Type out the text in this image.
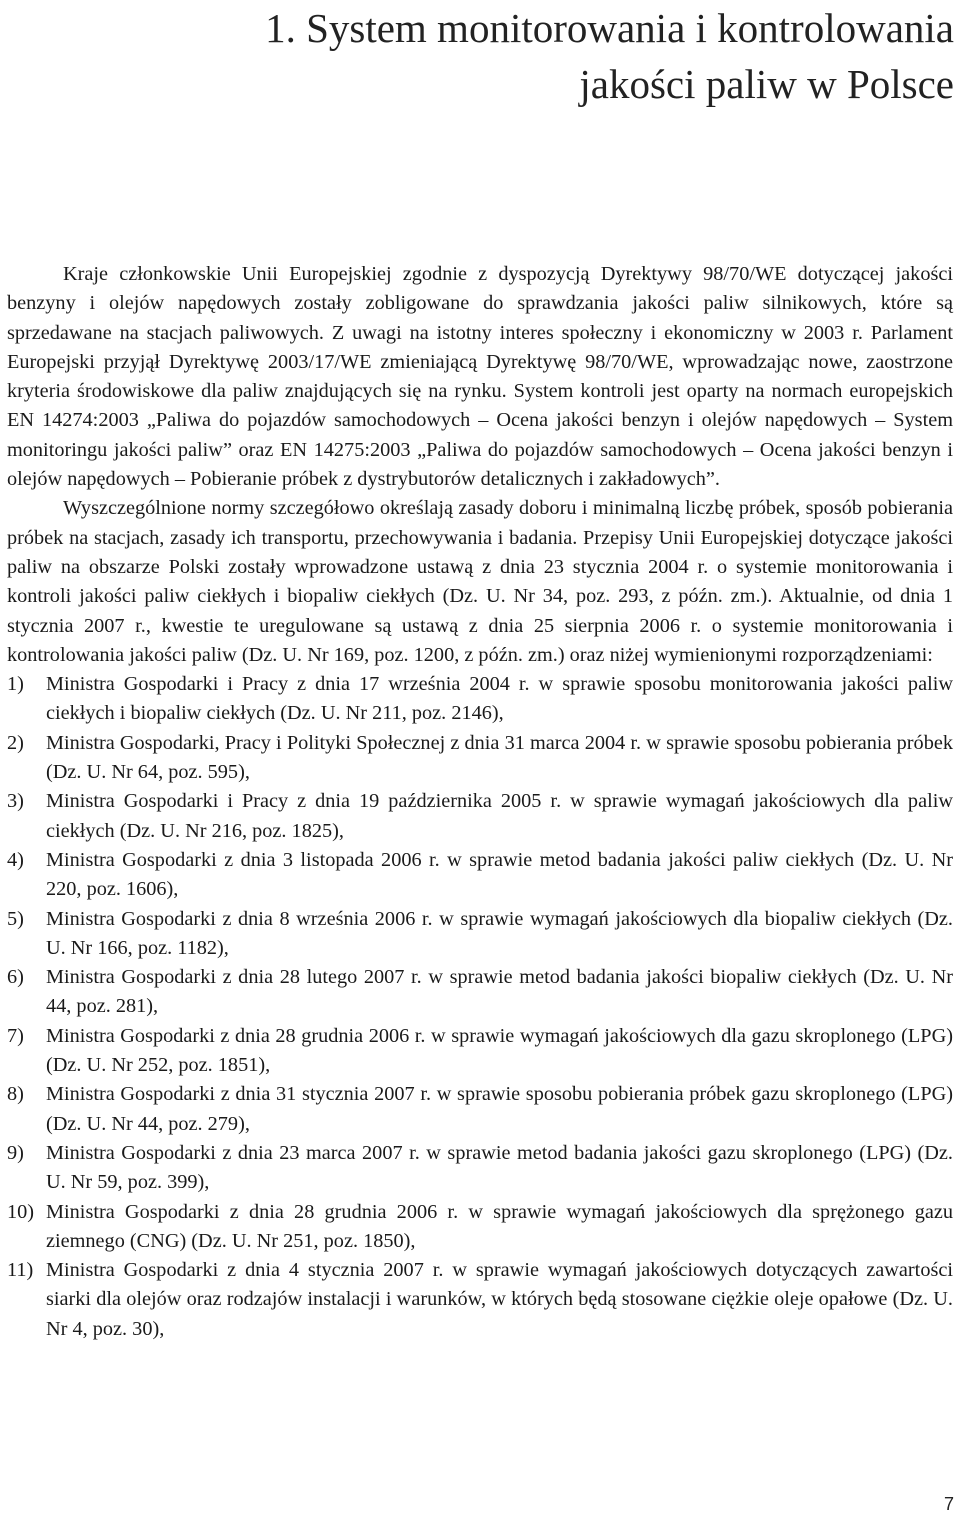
1. System monitorowania i kontrolowania
jakości paliw w Polsce

Kraje członkowskie Unii Europejskiej zgodnie z dyspozycją Dyrektywy 98/70/WE dotyczącej jakości benzyny i olejów napędowych zostały zobligowane do sprawdzania jakości paliw silnikowych, które są sprzedawane na stacjach paliwowych. Z uwagi na istotny interes społeczny i ekonomiczny w 2003 r. Parlament Europejski przyjął Dyrektywę 2003/17/WE zmieniającą Dyrektywę 98/70/WE, wprowadzając nowe, zaostrzone kryteria środowiskowe dla paliw znajdujących się na rynku. System kontroli jest oparty na normach europejskich EN 14274:2003 „Paliwa do pojazdów samochodowych – Ocena jakości benzyn i olejów napędowych – System monitoringu jakości paliw” oraz EN 14275:2003 „Paliwa do pojazdów samochodowych – Ocena jakości benzyn i olejów napędowych – Pobieranie próbek z dystrybutorów detalicznych i zakładowych”.

Wyszczególnione normy szczegółowo określają zasady doboru i minimalną liczbę próbek, sposób pobierania próbek na stacjach, zasady ich transportu, przechowywania i badania. Przepisy Unii Europejskiej dotyczące jakości paliw na obszarze Polski zostały wprowadzone ustawą z dnia 23 stycznia 2004 r. o systemie monitorowania i kontroli jakości paliw ciekłych i biopaliw ciekłych (Dz. U. Nr 34, poz. 293, z późn. zm.). Aktualnie, od dnia 1 stycznia 2007 r., kwestie te uregulowane są ustawą z dnia 25 sierpnia 2006 r. o systemie monitorowania i kontrolowania jakości paliw (Dz. U. Nr 169, poz. 1200, z późn. zm.) oraz niżej wymienionymi rozporządzeniami:

1) Ministra Gospodarki i Pracy z dnia 17 września 2004 r. w sprawie sposobu monitorowania jakości paliw ciekłych i biopaliw ciekłych (Dz. U. Nr 211, poz. 2146),
2) Ministra Gospodarki, Pracy i Polityki Społecznej z dnia 31 marca 2004 r. w sprawie sposobu pobierania próbek (Dz. U. Nr 64, poz. 595),
3) Ministra Gospodarki i Pracy z dnia 19 października 2005 r. w sprawie wymagań jakościowych dla paliw ciekłych (Dz. U. Nr 216, poz. 1825),
4) Ministra Gospodarki z dnia 3 listopada 2006 r. w sprawie metod badania jakości paliw ciekłych (Dz. U. Nr 220, poz. 1606),
5) Ministra Gospodarki z dnia 8 września 2006 r. w sprawie wymagań jakościowych dla biopaliw ciekłych (Dz. U. Nr 166, poz. 1182),
6) Ministra Gospodarki z dnia 28 lutego 2007 r. w sprawie metod badania jakości biopaliw ciekłych (Dz. U. Nr 44, poz. 281),
7) Ministra Gospodarki z dnia 28 grudnia 2006 r. w sprawie wymagań jakościowych dla gazu skroplonego (LPG) (Dz. U. Nr 252, poz. 1851),
8) Ministra Gospodarki z dnia 31 stycznia 2007 r. w sprawie sposobu pobierania próbek gazu skroplonego (LPG) (Dz. U. Nr 44, poz. 279),
9) Ministra Gospodarki z dnia 23 marca 2007 r. w sprawie metod badania jakości gazu skroplonego (LPG) (Dz. U. Nr 59, poz. 399),
10) Ministra Gospodarki z dnia 28 grudnia 2006 r. w sprawie wymagań jakościowych dla sprężonego gazu ziemnego (CNG) (Dz. U. Nr 251, poz. 1850),
11) Ministra Gospodarki z dnia 4 stycznia 2007 r. w sprawie wymagań jakościowych dotyczących zawartości siarki dla olejów oraz rodzajów instalacji i warunków, w których będą stosowane ciężkie oleje opałowe (Dz. U. Nr 4, poz. 30),
7
